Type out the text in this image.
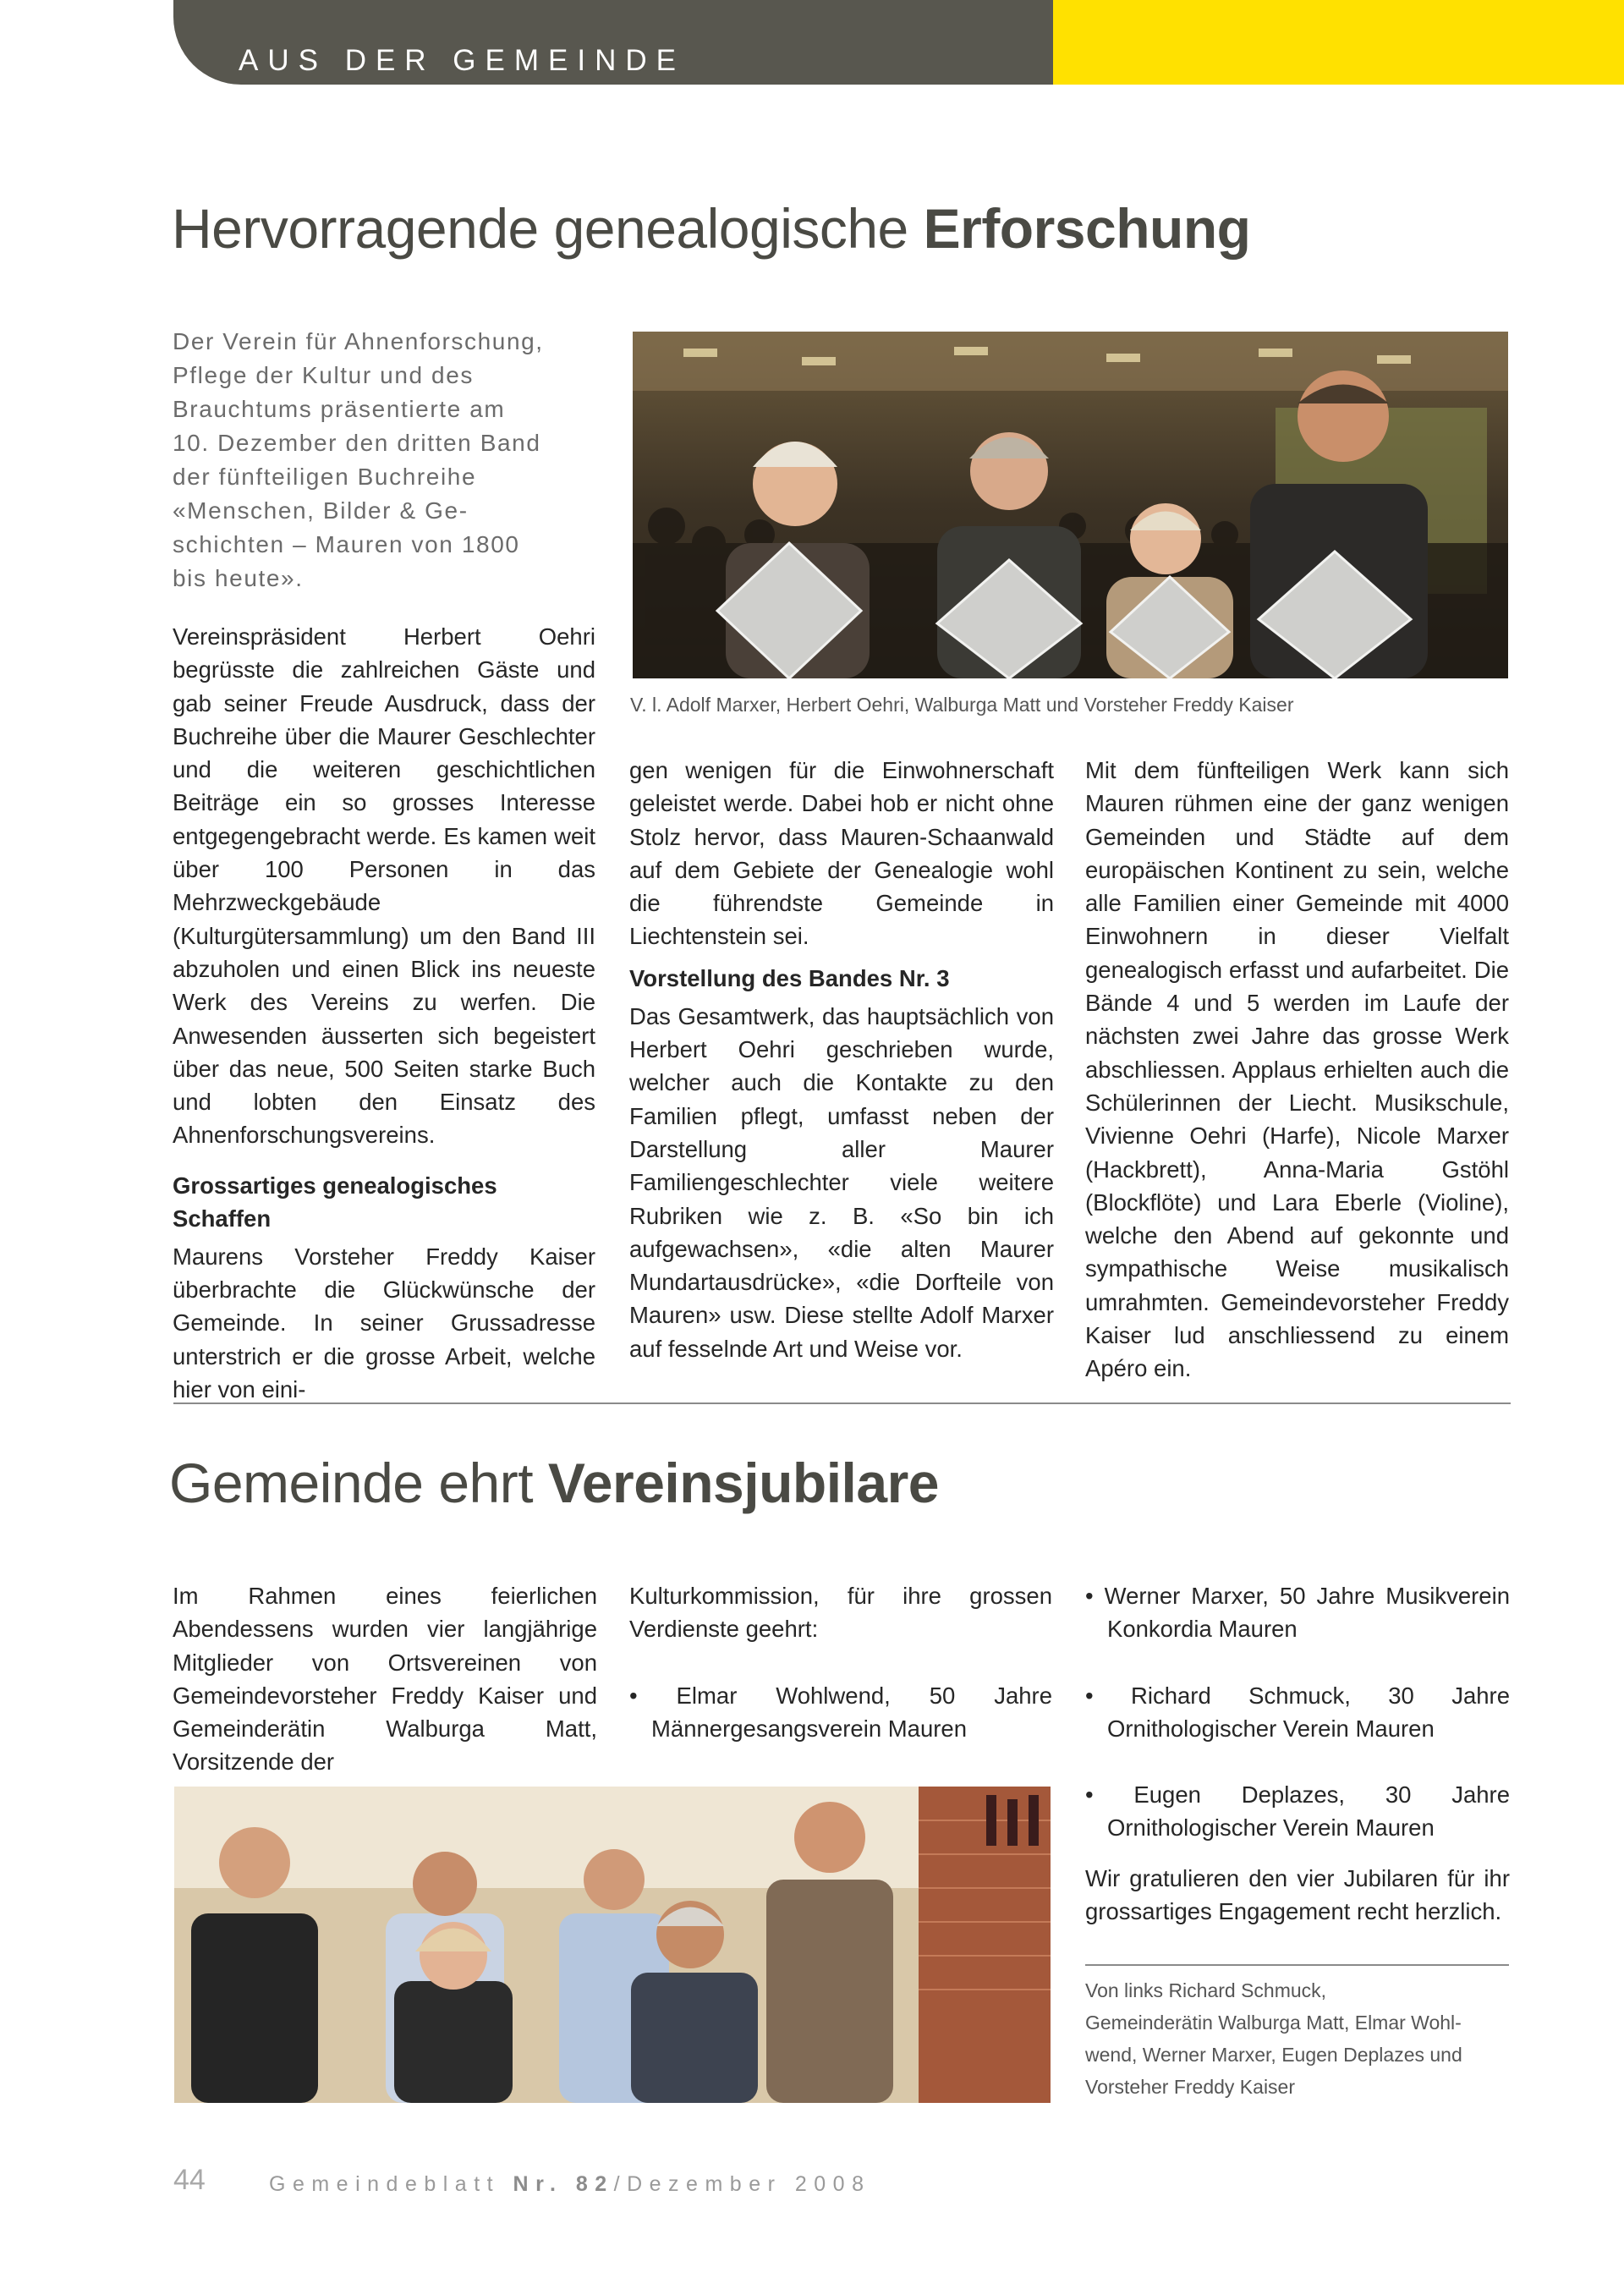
AUS DER GEMEINDE
Hervorragende genealogische Erforschung
Der Verein für Ahnenforschung,
Pflege der Kultur und des
Brauchtums präsentierte am
10. Dezember den dritten Band
der fünfteiligen Buchreihe
«Menschen, Bilder & Ge-
schichten – Mauren von 1800
bis heute».
V. l. Adolf Marxer, Herbert Oehri, Walburga Matt und Vorsteher Freddy Kaiser

Vereinspräsident Herbert Oehri begrüsste die zahlreichen Gäste und gab seiner Freude Ausdruck, dass der Buchreihe über die Maurer Geschlechter und die weiteren geschichtlichen Beiträge ein so grosses Interesse entgegengebracht werde. Es kamen weit über 100 Personen in das Mehrzweckgebäude (Kulturgütersammlung) um den Band III abzuholen und einen Blick ins neueste Werk des Vereins zu werfen. Die Anwesenden äusserten sich begeistert über das neue, 500 Seiten starke Buch und lobten den Einsatz des Ahnenforschungsvereins.

Grossartiges genealogisches
Schaffen

Maurens Vorsteher Freddy Kaiser überbrachte die Glückwünsche der Gemeinde. In seiner Grussadresse unterstrich er die grosse Arbeit, welche hier von eini-

gen wenigen für die Einwohnerschaft geleistet werde. Dabei hob er nicht ohne Stolz hervor, dass Mauren-Schaanwald auf dem Gebiete der Genealogie wohl die führendste Gemeinde in Liechtenstein sei.

Vorstellung des Bandes Nr. 3

Das Gesamtwerk, das hauptsächlich von Herbert Oehri geschrieben wurde, welcher auch die Kontakte zu den Familien pflegt, umfasst neben der Darstellung aller Maurer Familiengeschlechter viele weitere Rubriken wie z. B. «So bin ich aufgewachsen», «die alten Maurer Mundartausdrücke», «die Dorfteile von Mauren» usw. Diese stellte Adolf Marxer auf fesselnde Art und Weise vor.

Mit dem fünfteiligen Werk kann sich Mauren rühmen eine der ganz wenigen Gemeinden und Städte auf dem europäischen Kontinent zu sein, welche alle Familien einer Gemeinde mit 4000 Einwohnern in dieser Vielfalt genealogisch erfasst und aufarbeitet. Die Bände 4 und 5 werden im Laufe der nächsten zwei Jahre das grosse Werk abschliessen. Applaus erhielten auch die Schülerinnen der Liecht. Musikschule, Vivienne Oehri (Harfe), Nicole Marxer (Hackbrett), Anna-Maria Gstöhl (Blockflöte) und Lara Eberle (Violine), welche den Abend auf gekonnte und sympathische Weise musikalisch umrahmten. Gemeindevorsteher Freddy Kaiser lud anschliessend zu einem Apéro ein.

Gemeinde ehrt Vereinsjubilare

Im Rahmen eines feierlichen Abendessens wurden vier langjährige Mitglieder von Ortsvereinen von Gemeindevorsteher Freddy Kaiser und Gemeinderätin Walburga Matt, Vorsitzende der

Kulturkommission, für ihre grossen Verdienste geehrt:

• Elmar Wohlwend, 50 Jahre Männergesangsverein Mauren

• Werner Marxer, 50 Jahre Musikverein Konkordia Mauren

• Richard Schmuck, 30 Jahre Ornithologischer Verein Mauren

• Eugen Deplazes, 30 Jahre Ornithologischer Verein Mauren

Wir gratulieren den vier Jubilaren für ihr grossartiges Engagement recht herzlich.

Von links Richard Schmuck,
Gemeinderätin Walburga Matt, Elmar Wohl-
wend, Werner Marxer, Eugen Deplazes und
Vorsteher Freddy Kaiser
44	Gemeindeblatt Nr. 82/Dezember 2008
